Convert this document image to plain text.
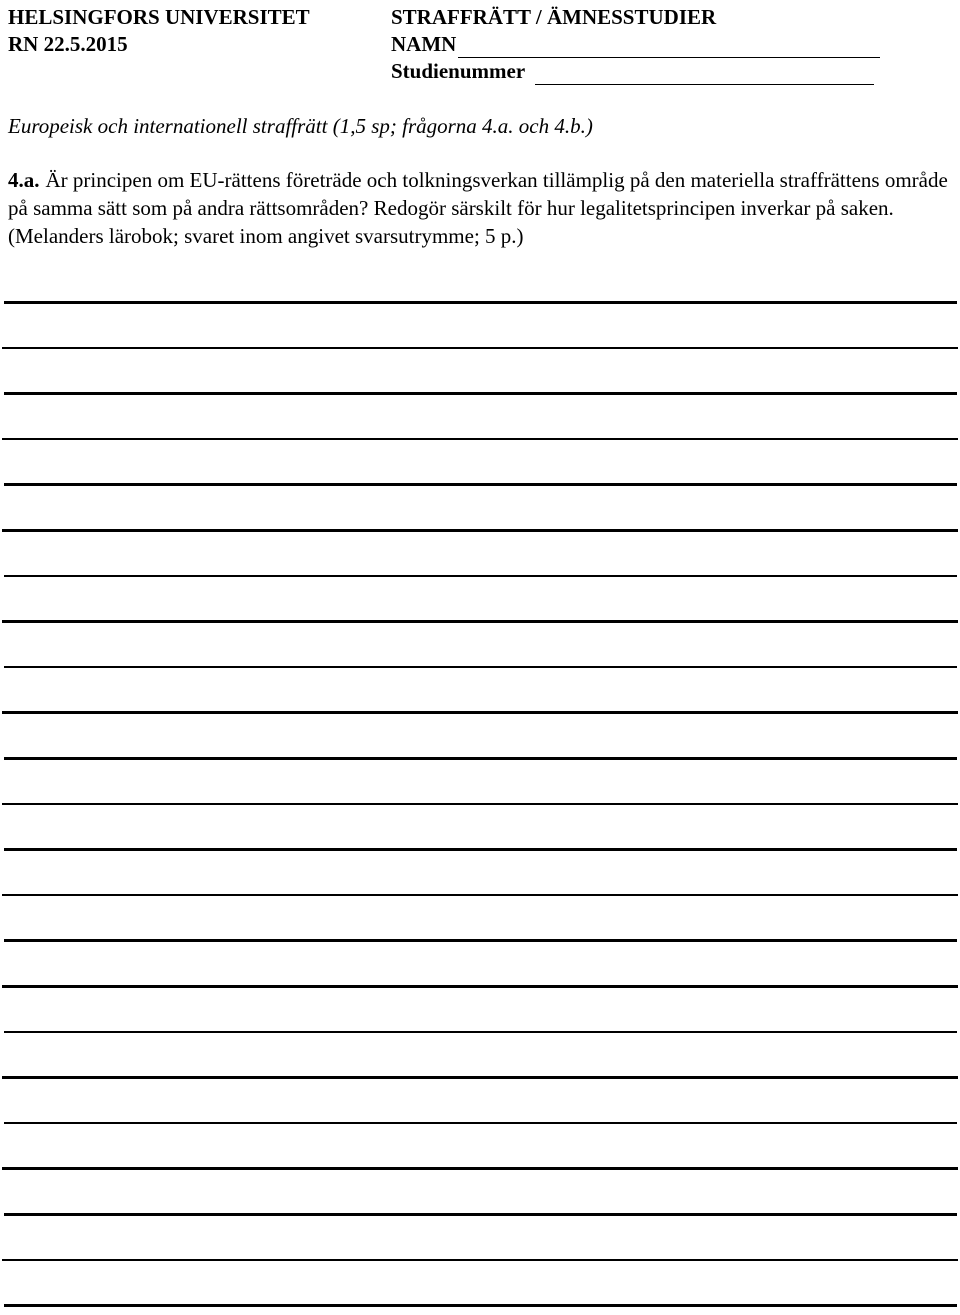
HELSINGFORS UNIVERSITET
RN 22.5.2015
STRAFFRÄTT / ÄMNESSTUDIER
NAMN
Studienummer
Europeisk och internationell straffrätt (1,5 sp; frågorna 4.a. och 4.b.)
4.a. Är principen om EU-rättens företräde och tolkningsverkan tillämplig på den materiella straffrättens område på samma sätt som på andra rättsområden? Redogör särskilt för hur legalitetsprincipen inverkar på saken. (Melanders lärobok; svaret inom angivet svarsutrymme; 5 p.)
